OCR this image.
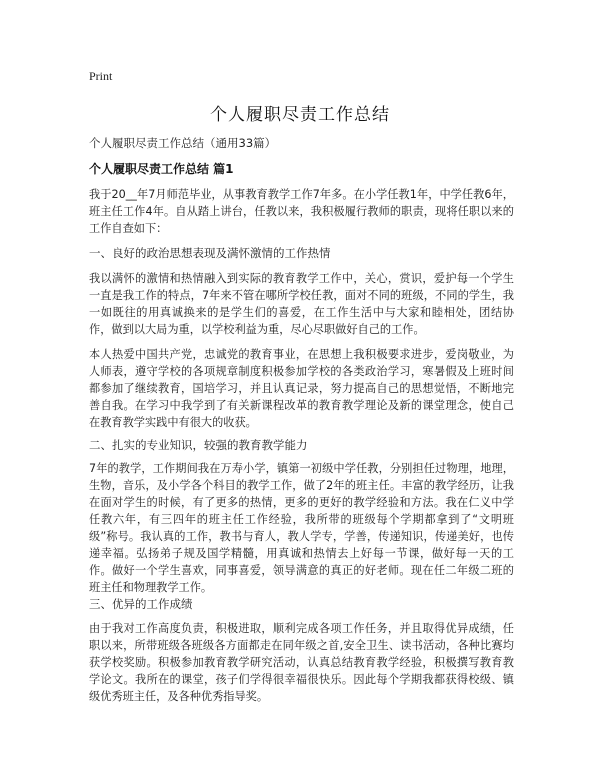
Print
个人履职尽责工作总结
个人履职尽责工作总结（通用33篇）
个人履职尽责工作总结 篇1

我于20__年7月师范毕业，从事教育教学工作7年多。在小学任教1年，中学任教6年，班主任工作4年。自从踏上讲台，任教以来，我积极履行教师的职责，现将任职以来的工作自查如下：

一、良好的政治思想表现及满怀激情的工作热情

我以满怀的激情和热情融入到实际的教育教学工作中，关心，赏识，爱护每一个学生一直是我工作的特点，7年来不管在哪所学校任教，面对不同的班级，不同的学生，我一如既往的用真诚换来的是学生们的喜爱，在工作生活中与大家和睦相处，团结协作，做到以大局为重，以学校利益为重，尽心尽职做好自己的工作。

本人热爱中国共产党，忠诚党的教育事业，在思想上我积极要求进步，爱岗敬业，为人师表，遵守学校的各项规章制度积极参加学校的各类政治学习，寒暑假及上班时间都参加了继续教育，国培学习，并且认真记录，努力提高自己的思想觉悟，不断地完善自我。在学习中我学到了有关新课程改革的教育教学理论及新的课堂理念，使自己在教育教学实践中有很大的收获。

二、扎实的专业知识，较强的教育教学能力

7年的教学，工作期间我在万寿小学，镇第一初级中学任教，分别担任过物理，地理，生物，音乐，及小学各个科目的教学工作，做了2年的班主任。丰富的教学经历，让我在面对学生的时候，有了更多的热情，更多的更好的教学经验和方法。我在仁义中学任教六年，有三四年的班主任工作经验，我所带的班级每个学期都拿到了“文明班级”称号。我认真的工作，教书与育人，教人学专，学善，传递知识，传递美好，也传递幸福。弘扬弟子规及国学精髓，用真诚和热情去上好每一节课，做好每一天的工作。做好一个学生喜欢，同事喜爱，领导满意的真正的好老师。现在任二年级二班的班主任和物理教学工作。

三、优异的工作成绩

由于我对工作高度负责，积极进取，顺利完成各项工作任务，并且取得优异成绩，任职以来，所带班级各班级各方面都走在同年级之首,安全卫生、读书活动，各种比赛均获学校奖励。积极参加教育教学研究活动，认真总结教育教学经验，积极撰写教育教学论文。我所在的课堂，孩子们学得很幸福很快乐。因此每个学期我都获得校级、镇级优秀班主任，及各种优秀指导奖。
